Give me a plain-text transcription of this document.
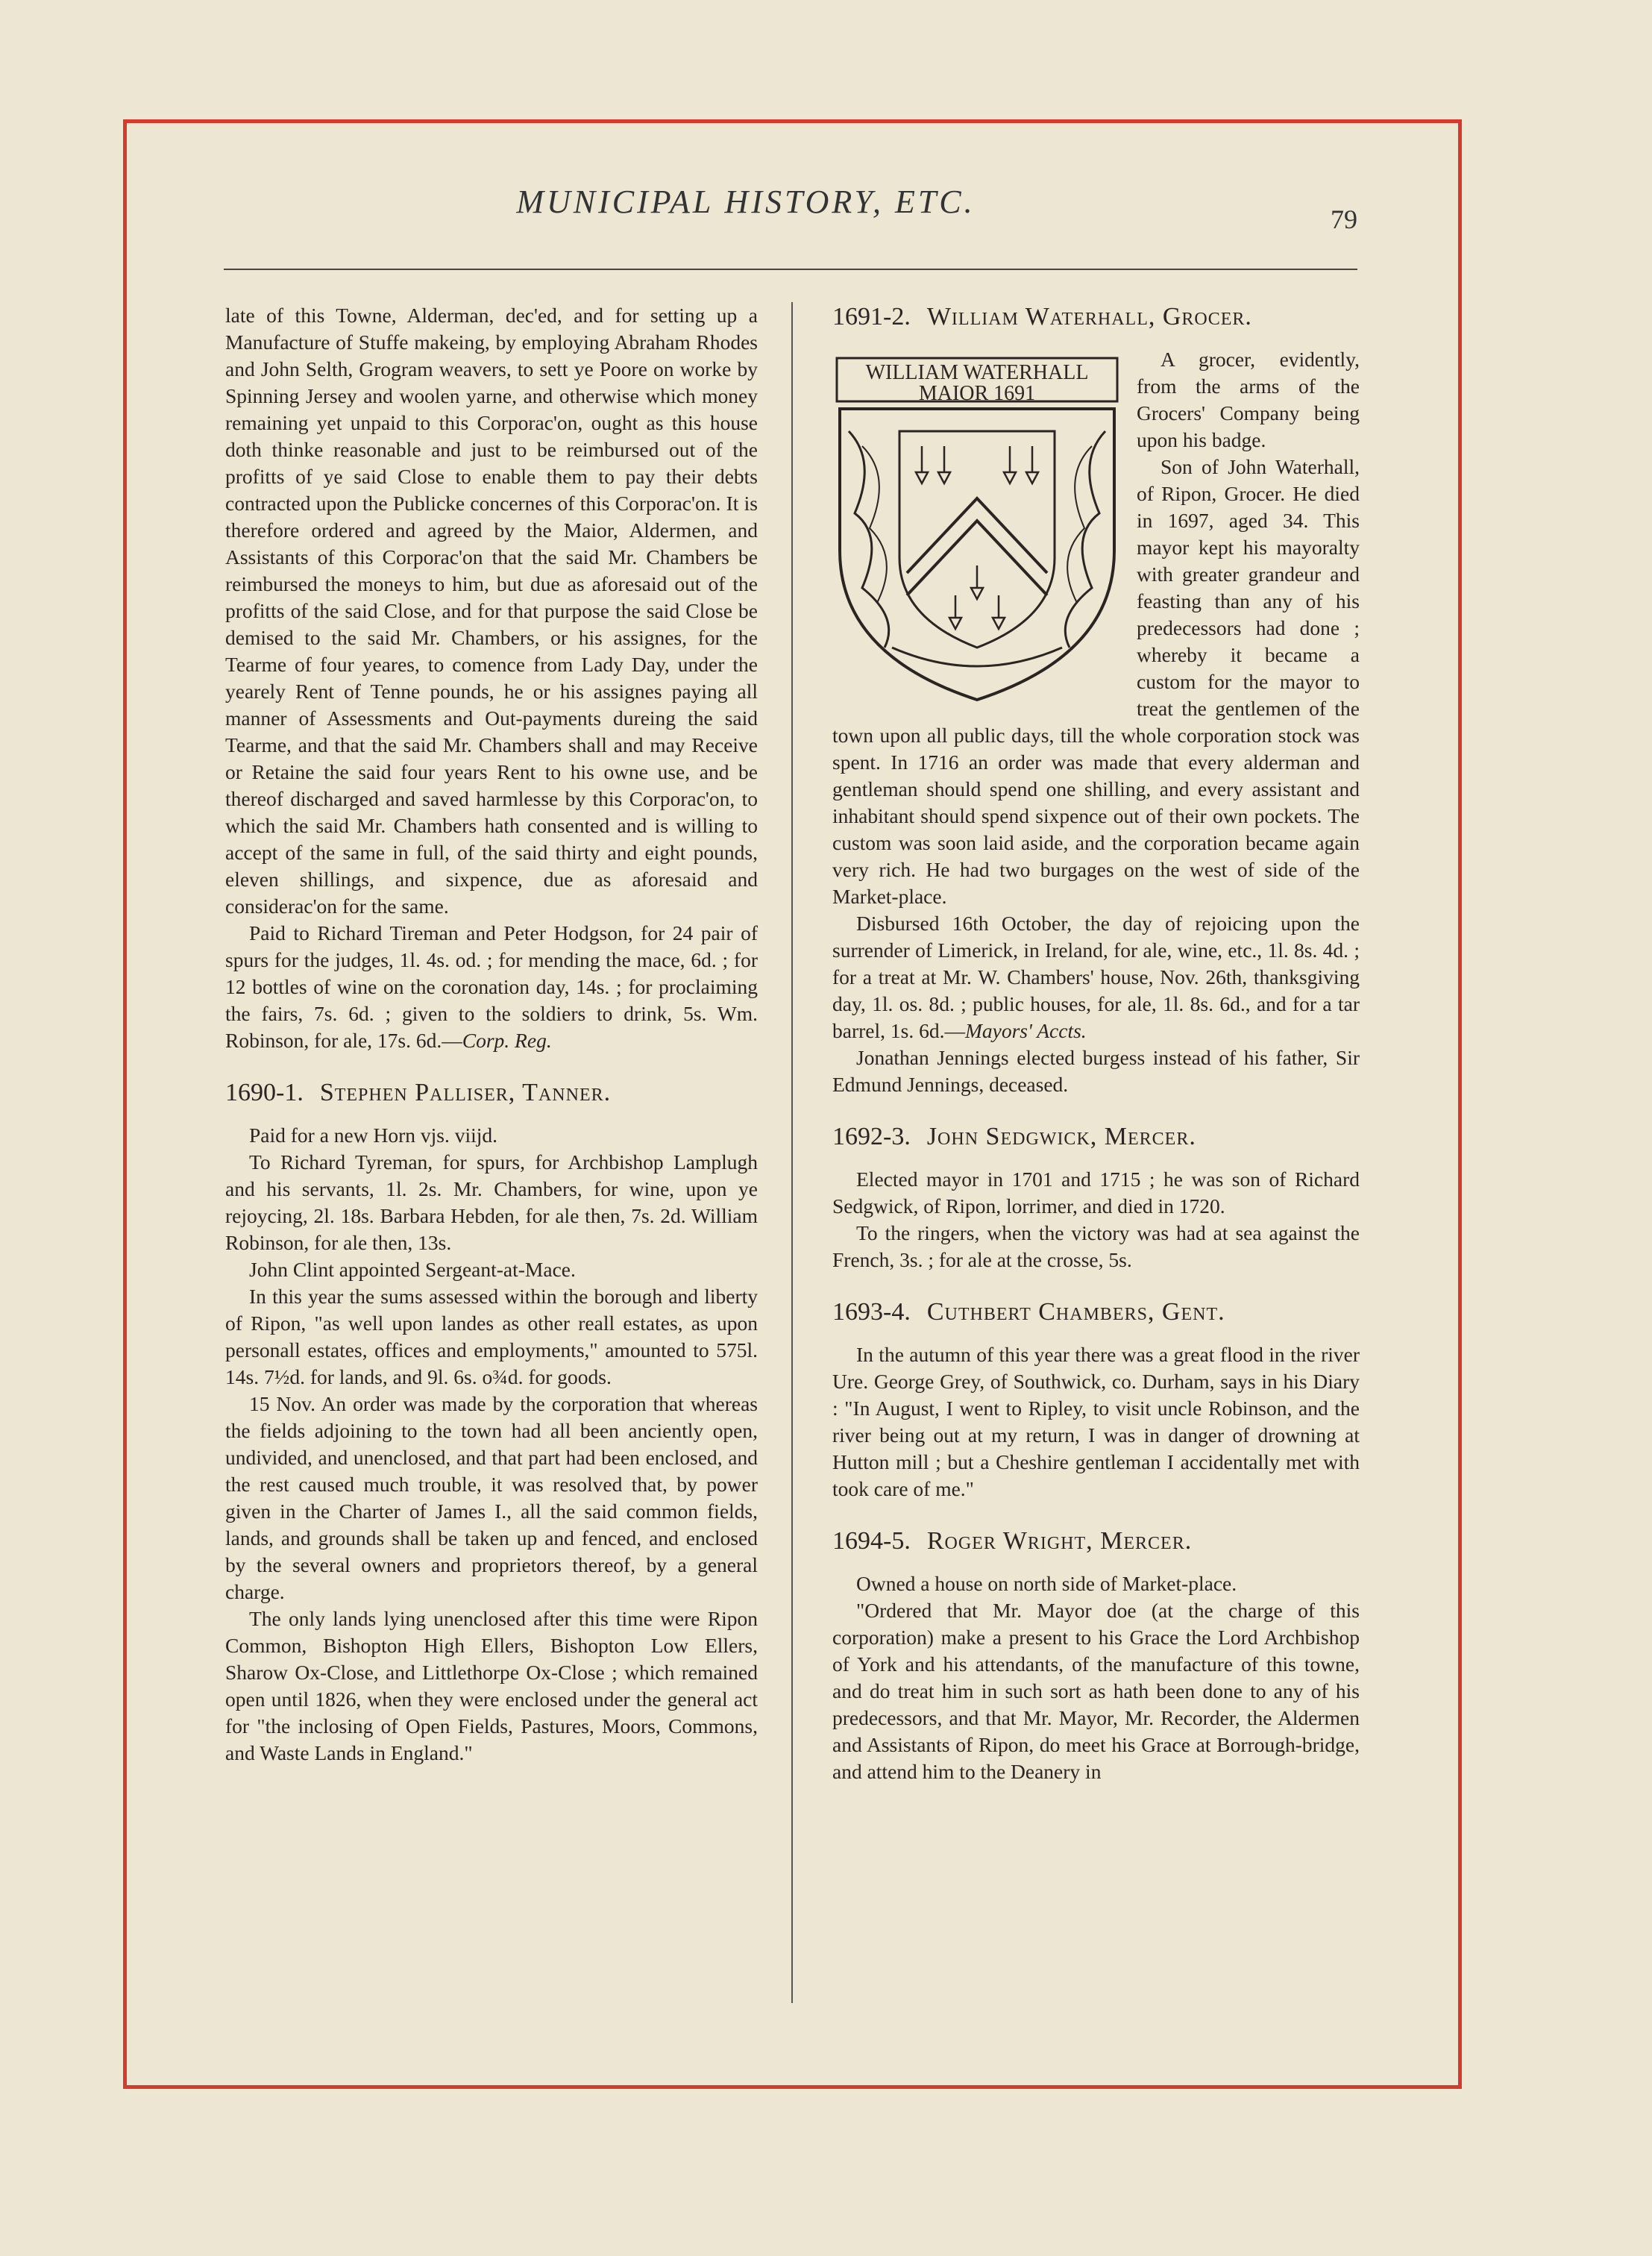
MUNICIPAL HISTORY, ETC.	79

late of this Towne, Alderman, dec'ed, and for setting up a Manufacture of Stuffe makeing, by employing Abraham Rhodes and John Selth, Grogram weavers, to sett ye Poore on worke by Spinning Jersey and woolen yarne, and otherwise which money remaining yet unpaid to this Corporac'on, ought as this house doth thinke reasonable and just to be reimbursed out of the profitts of ye said Close to enable them to pay their debts contracted upon the Publicke concernes of this Corporac'on. It is therefore ordered and agreed by the Maior, Aldermen, and Assistants of this Corporac'on that the said Mr. Chambers be reimbursed the moneys to him, but due as aforesaid out of the profitts of the said Close, and for that purpose the said Close be demised to the said Mr. Chambers, or his assignes, for the Tearme of four yeares, to comence from Lady Day, under the yearely Rent of Tenne pounds, he or his assignes paying all manner of Assessments and Out-payments dureing the said Tearme, and that the said Mr. Chambers shall and may Receive or Retaine the said four years Rent to his owne use, and be thereof discharged and saved harmlesse by this Corporac'on, to which the said Mr. Chambers hath consented and is willing to accept of the same in full, of the said thirty and eight pounds, eleven shillings, and sixpence, due as aforesaid and considerac'on for the same.

Paid to Richard Tireman and Peter Hodgson, for 24 pair of spurs for the judges, 1l. 4s. od. ; for mending the mace, 6d. ; for 12 bottles of wine on the coronation day, 14s. ; for proclaiming the fairs, 7s. 6d. ; given to the soldiers to drink, 5s. Wm. Robinson, for ale, 17s. 6d.—Corp. Reg.

1690-1. Stephen Palliser, Tanner.

Paid for a new Horn vjs. viijd.

To Richard Tyreman, for spurs, for Archbishop Lamplugh and his servants, 1l. 2s. Mr. Chambers, for wine, upon ye rejoycing, 2l. 18s. Barbara Hebden, for ale then, 7s. 2d. William Robinson, for ale then, 13s.

John Clint appointed Sergeant-at-Mace.

In this year the sums assessed within the borough and liberty of Ripon, "as well upon landes as other reall estates, as upon personall estates, offices and employments," amounted to 575l. 14s. 7½d. for lands, and 9l. 6s. o¾d. for goods.

15 Nov. An order was made by the corporation that whereas the fields adjoining to the town had all been anciently open, undivided, and unenclosed, and that part had been enclosed, and the rest caused much trouble, it was resolved that, by power given in the Charter of James I., all the said common fields, lands, and grounds shall be taken up and fenced, and enclosed by the several owners and proprietors thereof, by a general charge.

The only lands lying unenclosed after this time were Ripon Common, Bishopton High Ellers, Bishopton Low Ellers, Sharow Ox-Close, and Littlethorpe Ox-Close ; which remained open until 1826, when they were enclosed under the general act for "the inclosing of Open Fields, Pastures, Moors, Commons, and Waste Lands in England."

1691-2. William Waterhall, Grocer.
WILLIAM WATERHALL
MAIOR 1691

A grocer, evidently, from the arms of the Grocers' Company being upon his badge.

Son of John Waterhall, of Ripon, Grocer. He died in 1697, aged 34. This mayor kept his mayoralty with greater grandeur and feasting than any of his predecessors had done ; whereby it became a custom for the mayor to treat the gentlemen of the town upon all public days, till the whole corporation stock was spent. In 1716 an order was made that every alderman and gentleman should spend one shilling, and every assistant and inhabitant should spend sixpence out of their own pockets. The custom was soon laid aside, and the corporation became again very rich. He had two burgages on the west of side of the Market-place.

Disbursed 16th October, the day of rejoicing upon the surrender of Limerick, in Ireland, for ale, wine, etc., 1l. 8s. 4d. ; for a treat at Mr. W. Chambers' house, Nov. 26th, thanksgiving day, 1l. os. 8d. ; public houses, for ale, 1l. 8s. 6d., and for a tar barrel, 1s. 6d.—Mayors' Accts.

Jonathan Jennings elected burgess instead of his father, Sir Edmund Jennings, deceased.

1692-3. John Sedgwick, Mercer.

Elected mayor in 1701 and 1715 ; he was son of Richard Sedgwick, of Ripon, lorrimer, and died in 1720.

To the ringers, when the victory was had at sea against the French, 3s. ; for ale at the crosse, 5s.

1693-4. Cuthbert Chambers, Gent.

In the autumn of this year there was a great flood in the river Ure. George Grey, of Southwick, co. Durham, says in his Diary : "In August, I went to Ripley, to visit uncle Robinson, and the river being out at my return, I was in danger of drowning at Hutton mill ; but a Cheshire gentleman I accidentally met with took care of me."

1694-5. Roger Wright, Mercer.

Owned a house on north side of Market-place.

"Ordered that Mr. Mayor doe (at the charge of this corporation) make a present to his Grace the Lord Archbishop of York and his attendants, of the manufacture of this towne, and do treat him in such sort as hath been done to any of his predecessors, and that Mr. Mayor, Mr. Recorder, the Aldermen and Assistants of Ripon, do meet his Grace at Borrough-bridge, and attend him to the Deanery in
